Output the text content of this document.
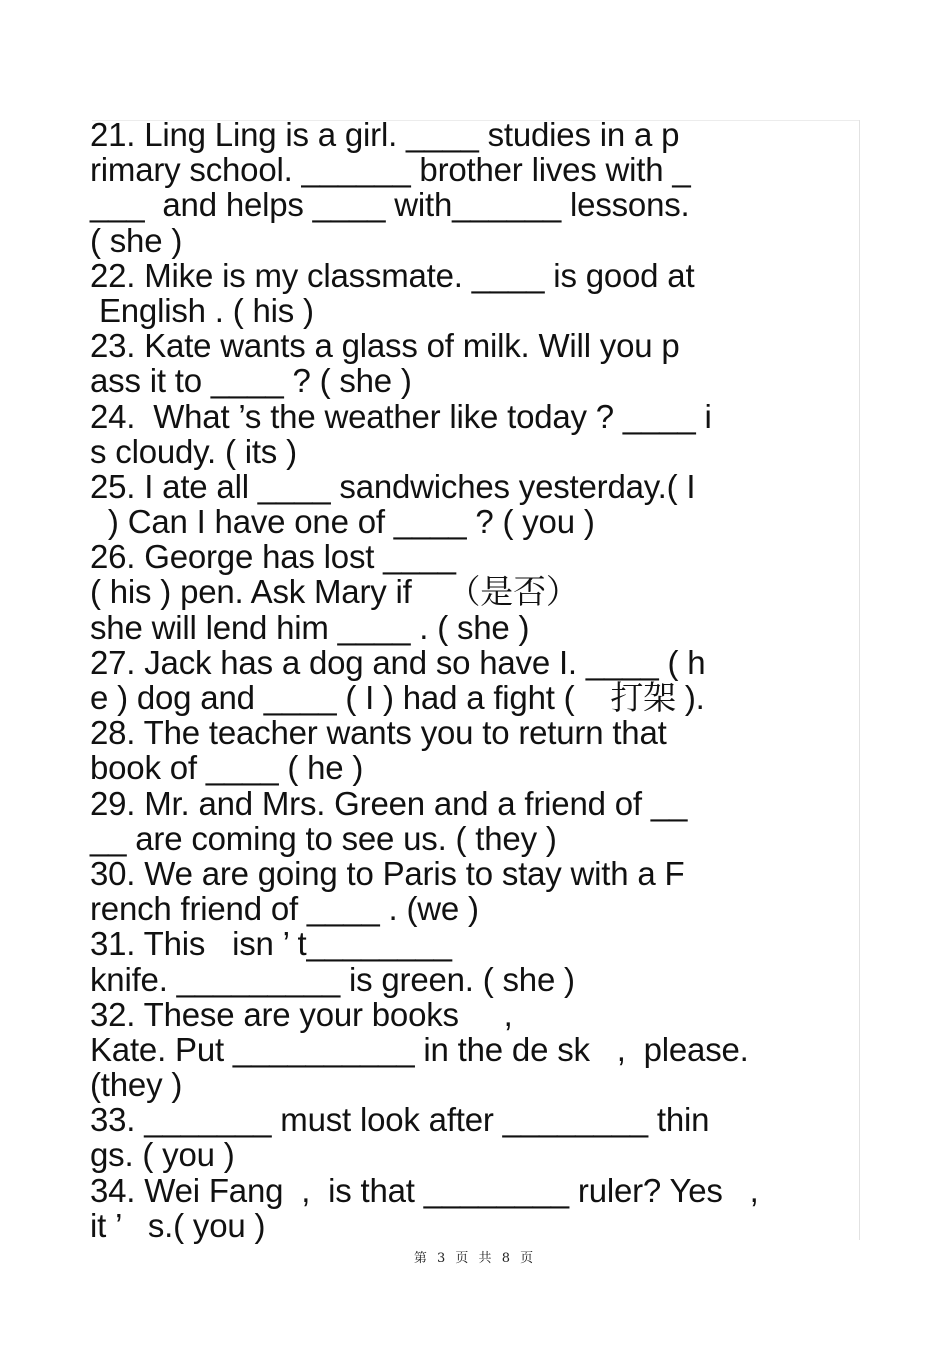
21. Ling Ling is a girl. ____ studies in a p
rimary school. ______ brother lives with _
___  and helps ____ with______ lessons.
( she )
22. Mike is my classmate. ____ is good at
English . ( his )
23. Kate wants a glass of milk. Will you p
ass it to ____ ? ( she )
24.  What ’s the weather like today ? ____ i
s cloudy. ( its )
25. I ate all ____ sandwiches yesterday.( I
) Can I have one of ____ ? ( you )
26. George has lost ____
( his ) pen. Ask Mary if    （是否）
she will lend him ____ . ( she )
27. Jack has a dog and so have I. ____ ( h
e ) dog and ____ ( I ) had a fight (    打架 ).
28. The teacher wants you to return that
book of ____ ( he )
29. Mr. and Mrs. Green and a friend of __
__ are coming to see us. ( they )
30. We are going to Paris to stay with a F
rench friend of ____ . (we )
31. This   isn ’ t________
knife. _________ is green. ( she )
32. These are your books     ,
Kate. Put __________ in the de sk   ,  please.
(they )
33. _______ must look after ________ thin
gs. ( you )
34. Wei Fang  ,  is that ________ ruler? Yes   ,
it ’   s.( you )
第 3 页 共 8 页
